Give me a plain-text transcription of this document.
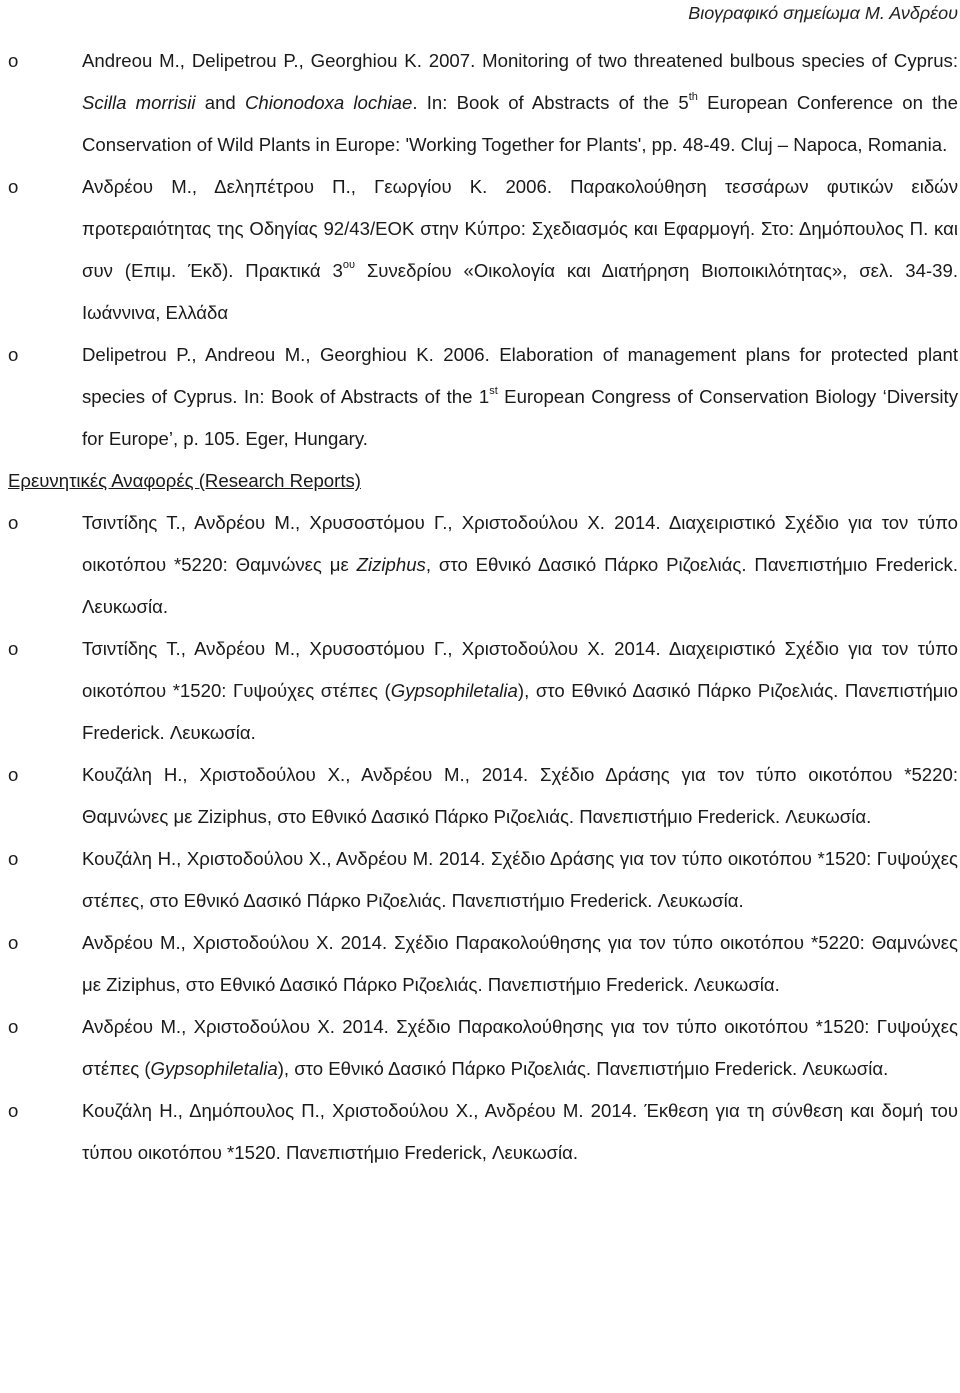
Βιογραφικό σημείωμα Μ. Ανδρέου
o	Andreou M., Delipetrou P., Georghiou K. 2007. Monitoring of two threatened bulbous species of Cyprus: Scilla morrisii and Chionodoxa lochiae. In: Book of Abstracts of the 5th European Conference on the Conservation of Wild Plants in Europe: 'Working Together for Plants', pp. 48-49. Cluj – Napoca, Romania.
o	Ανδρέου Μ., Δεληπέτρου Π., Γεωργίου Κ. 2006. Παρακολούθηση τεσσάρων φυτικών ειδών προτεραιότητας της Οδηγίας 92/43/ΕΟΚ στην Κύπρο: Σχεδιασμός και Εφαρμογή. Στο: Δημόπουλος Π. και συν (Επιμ. Έκδ). Πρακτικά $3^{o\upsilon}$ Συνεδρίου «Οικολογία και Διατήρηση Βιοποικιλότητας», σελ. 34-39. Ιωάννινα, Ελλάδα
o	Delipetrou P., Andreou M., Georghiou K. 2006. Elaboration of management plans for protected plant species of Cyprus. In: Book of Abstracts of the 1st European Congress of Conservation Biology ‘Diversity for Europe’, p. 105. Eger, Hungary.
Ερευνητικές Αναφορές (Research Reports)
o	Τσιντίδης Τ., Ανδρέου Μ., Χρυσοστόμου Γ., Χριστοδούλου Χ. 2014. Διαχειριστικό Σχέδιο για τον τύπο οικοτόπου *5220: Θαμνώνες με Ziziphus, στο Εθνικό Δασικό Πάρκο Ριζοελιάς. Πανεπιστήμιο Frederick. Λευκωσία.
o	Τσιντίδης Τ., Ανδρέου Μ., Χρυσοστόμου Γ., Χριστοδούλου Χ. 2014. Διαχειριστικό Σχέδιο για τον τύπο οικοτόπου *1520: Γυψούχες στέπες (Gypsophiletalia), στο Εθνικό Δασικό Πάρκο Ριζοελιάς. Πανεπιστήμιο Frederick. Λευκωσία.
o	Κουζάλη Η., Χριστοδούλου Χ., Ανδρέου Μ., 2014. Σχέδιο Δράσης για τον τύπο οικοτόπου *5220: Θαμνώνες με Ziziphus, στο Εθνικό Δασικό Πάρκο Ριζοελιάς. Πανεπιστήμιο Frederick. Λευκωσία.
o	Κουζάλη Η., Χριστοδούλου Χ., Ανδρέου Μ. 2014. Σχέδιο Δράσης για τον τύπο οικοτόπου *1520: Γυψούχες στέπες, στο Εθνικό Δασικό Πάρκο Ριζοελιάς. Πανεπιστήμιο Frederick. Λευκωσία.
o	Ανδρέου Μ., Χριστοδούλου Χ. 2014. Σχέδιο Παρακολούθησης για τον τύπο οικοτόπου *5220: Θαμνώνες με Ziziphus, στο Εθνικό Δασικό Πάρκο Ριζοελιάς. Πανεπιστήμιο Frederick. Λευκωσία.
o	Ανδρέου Μ., Χριστοδούλου Χ. 2014. Σχέδιο Παρακολούθησης για τον τύπο οικοτόπου *1520: Γυψούχες στέπες (Gypsophiletalia), στο Εθνικό Δασικό Πάρκο Ριζοελιάς. Πανεπιστήμιο Frederick. Λευκωσία.
o	Κουζάλη Η., Δημόπουλος Π., Χριστοδούλου Χ., Ανδρέου Μ. 2014. Έκθεση για τη σύνθεση και δομή του τύπου οικοτόπου *1520. Πανεπιστήμιο Frederick, Λευκωσία.
